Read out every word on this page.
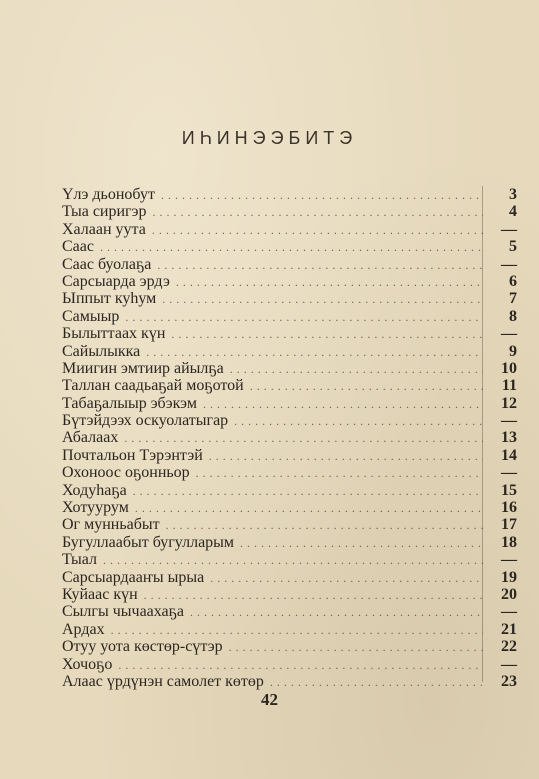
ИҺИНЭЭБИТЭ
Үлэ дьонобут .....	3
Тыа сиригэр .....	4
Халаан уута .....	—
Саас .....	5
Саас буолаҕа .....	—
Сарсыарда эрдэ .....	6
Ыппыт куһум .....	7
Самыыр .....	8
Былыттаах күн .....	—
Сайылыкка .....	9
Миигин эмтиир айылҕа .....	10
Таллан саадьаҕай моҕотой .....	11
Табаҕалыыр эбэкэм .....	12
Бүтэйдээх оскуолатыгар .....	—
Абалаах .....	13
Почтальон Тэрэнтэй .....	14
Охоноос оҕонньор .....	—
Ходуһаҕа .....	15
Хотуурум .....	16
Ог мунньабыт .....	17
Бугуллаабыт бугулларым .....	18
Тыал .....	—
Сарсыардааҥы ырыа .....	19
Куйаас күн .....	20
Сылгы чычаахаҕа .....	—
Ардах .....	21
Отуу уота көстөр-сүтэр .....	22
Хочоҕо .....	—
Алаас үрдүнэн самолет көтөр .....	23
42
